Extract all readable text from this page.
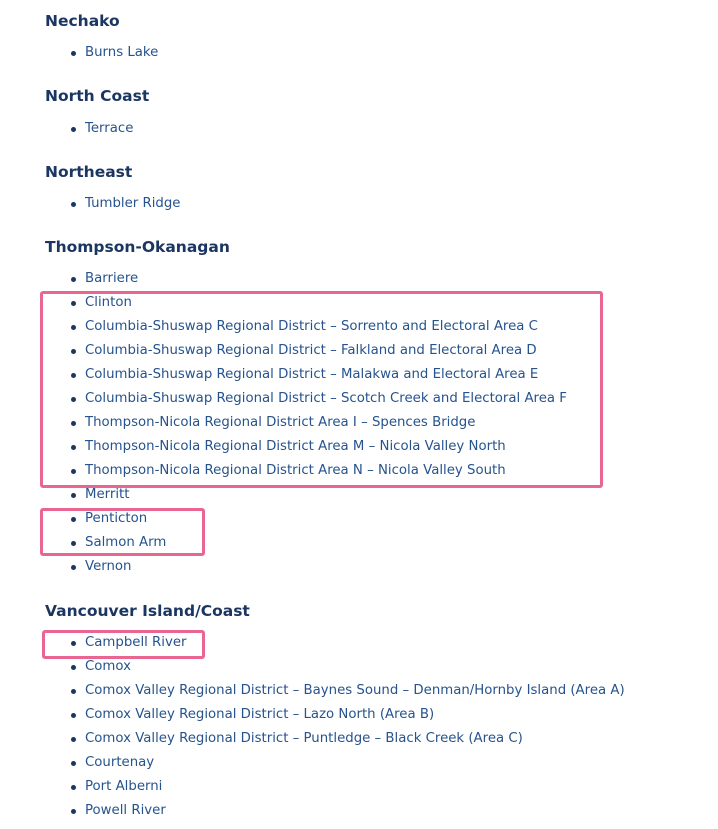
Nechako
Burns Lake
North Coast
Terrace
Northeast
Tumbler Ridge
Thompson-Okanagan
Barriere
Clinton
Columbia-Shuswap Regional District – Sorrento and Electoral Area C
Columbia-Shuswap Regional District – Falkland and Electoral Area D
Columbia-Shuswap Regional District – Malakwa and Electoral Area E
Columbia-Shuswap Regional District – Scotch Creek and Electoral Area F
Thompson-Nicola Regional District Area I – Spences Bridge
Thompson-Nicola Regional District Area M – Nicola Valley North
Thompson-Nicola Regional District Area N – Nicola Valley South
Merritt
Penticton
Salmon Arm
Vernon
Vancouver Island/Coast
Campbell River
Comox
Comox Valley Regional District – Baynes Sound – Denman/Hornby Island (Area A)
Comox Valley Regional District – Lazo North (Area B)
Comox Valley Regional District – Puntledge – Black Creek (Area C)
Courtenay
Port Alberni
Powell River
